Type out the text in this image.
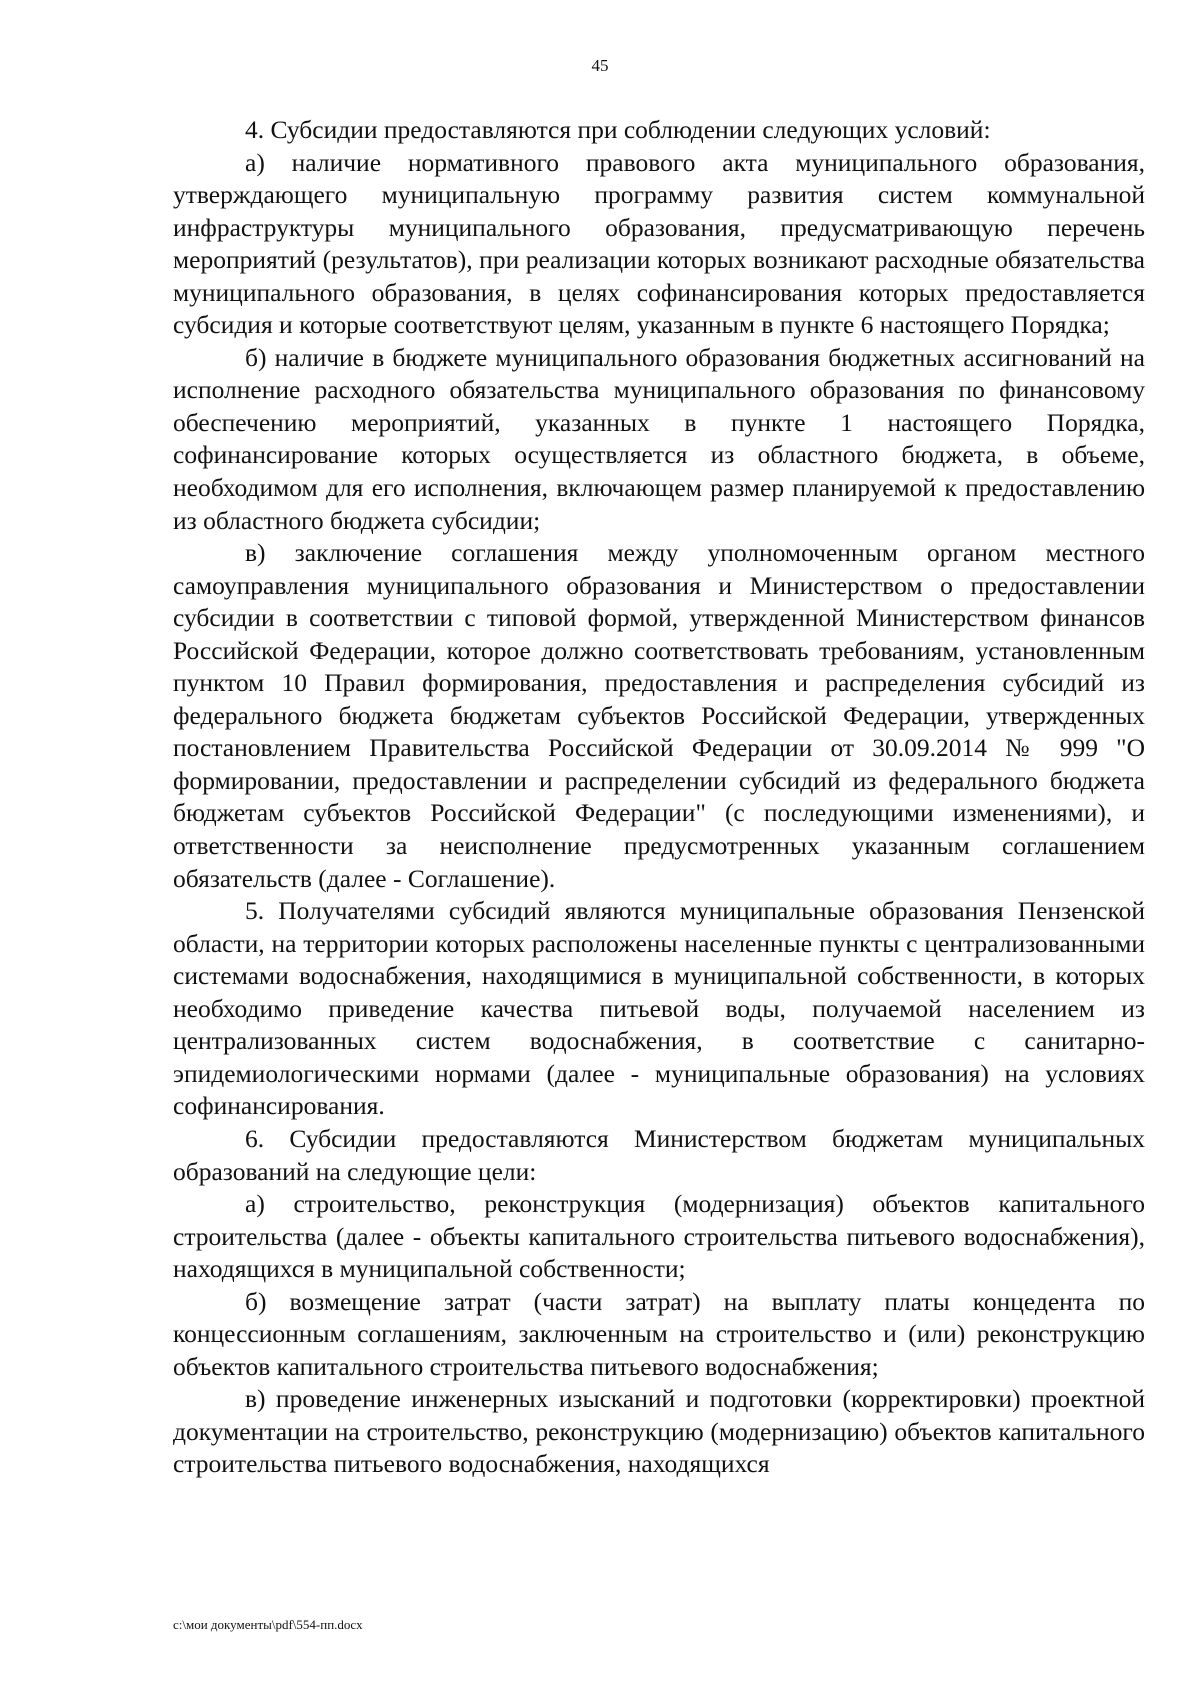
45

4. Субсидии предоставляются при соблюдении следующих условий:

а) наличие нормативного правового акта муниципального образования, утверждающего муниципальную программу развития систем коммунальной инфраструктуры муниципального образования, предусматривающую перечень мероприятий (результатов), при реализации которых возникают расходные обязательства муниципального образования, в целях софинансирования которых предоставляется субсидия и которые соответствуют целям, указанным в пункте 6 настоящего Порядка;

б) наличие в бюджете муниципального образования бюджетных ассигнований на исполнение расходного обязательства муниципального образования по финансовому обеспечению мероприятий, указанных в пункте 1 настоящего Порядка, софинансирование которых осуществляется из областного бюджета, в объеме, необходимом для его исполнения, включающем размер планируемой к предоставлению из областного бюджета субсидии;

в) заключение соглашения между уполномоченным органом местного самоуправления муниципального образования и Министерством о предоставлении субсидии в соответствии с типовой формой, утвержденной Министерством финансов Российской Федерации, которое должно соответствовать требованиям, установленным пунктом 10 Правил формирования, предоставления и распределения субсидий из федерального бюджета бюджетам субъектов Российской Федерации, утвержденных постановлением Правительства Российской Федерации от 30.09.2014 № 999 "О формировании, предоставлении и распределении субсидий из федерального бюджета бюджетам субъектов Российской Федерации" (с последующими изменениями), и ответственности за неисполнение предусмотренных указанным соглашением обязательств (далее - Соглашение).

5. Получателями субсидий являются муниципальные образования Пензенской области, на территории которых расположены населенные пункты с централизованными системами водоснабжения, находящимися в муниципальной собственности, в которых необходимо приведение качества питьевой воды, получаемой населением из централизованных систем водоснабжения, в соответствие с санитарно-эпидемиологическими нормами (далее - муниципальные образования) на условиях софинансирования.

6. Субсидии предоставляются Министерством бюджетам муниципальных образований на следующие цели:

а) строительство, реконструкция (модернизация) объектов капитального строительства (далее - объекты капитального строительства питьевого водоснабжения), находящихся в муниципальной собственности;

б) возмещение затрат (части затрат) на выплату платы концедента по концессионным соглашениям, заключенным на строительство и (или) реконструкцию объектов капитального строительства питьевого водоснабжения;

в) проведение инженерных изысканий и подготовки (корректировки) проектной документации на строительство, реконструкцию (модернизацию) объектов капитального строительства питьевого водоснабжения, находящихся

c:\мои документы\pdf\554-пп.docx
